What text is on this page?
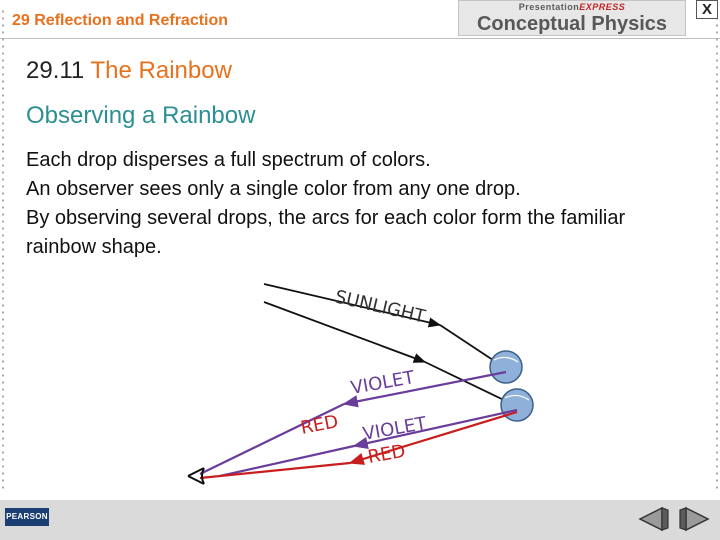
29 Reflection and Refraction
PresentationEXPRESS
Conceptual Physics
X
29.11 The Rainbow
Observing a Rainbow

Each drop disperses a full spectrum of colors.

An observer sees only a single color from any one drop.

By observing several drops, the arcs for each color form the familiar rainbow shape.

SUNLIGHT
VIOLET
RED VIOLET
RED
PEARSON
